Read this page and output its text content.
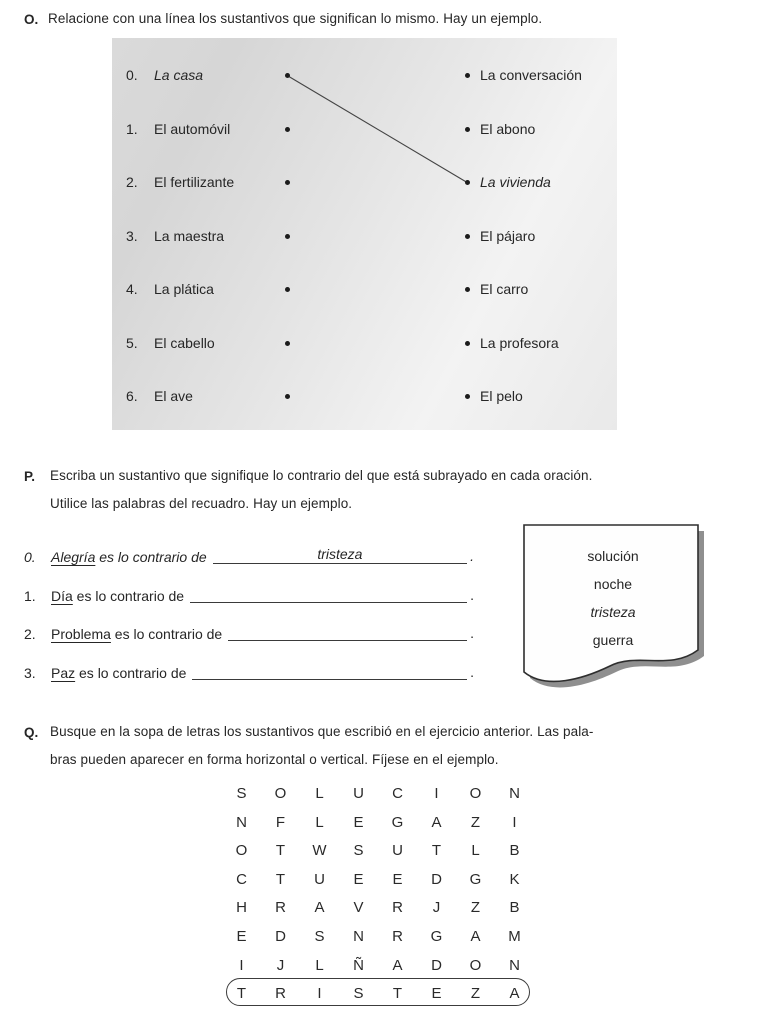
O. Relacione con una línea los sustantivos que significan lo mismo. Hay un ejemplo.
0. La casa	La conversación
1. El automóvil	El abono
2. El fertilizante	La vivienda
3. La maestra	El pájaro
4. La plática	El carro
5. El cabello	La profesora
6. El ave	El pelo
P. Escriba un sustantivo que signifique lo contrario del que está subrayado en cada oración.
Utilice las palabras del recuadro. Hay un ejemplo.
0.	Alegría es lo contrario de	tristeza	.
1.	Día es lo contrario de	.
2.	Problema es lo contrario de	.
3.	Paz es lo contrario de	.
solución
noche
tristeza
guerra
Q. Busque en la sopa de letras los sustantivos que escribió en el ejercicio anterior. Las pala-
bras pueden aparecer en forma horizontal o vertical. Fíjese en el ejemplo.
S O L U C I O N
N F L E G A Z I
O T W S U T L B
C T U E E D G K
H R A V R J Z B
E D S N R G A M
I J L Ñ A D O N
T R I S T E Z A
